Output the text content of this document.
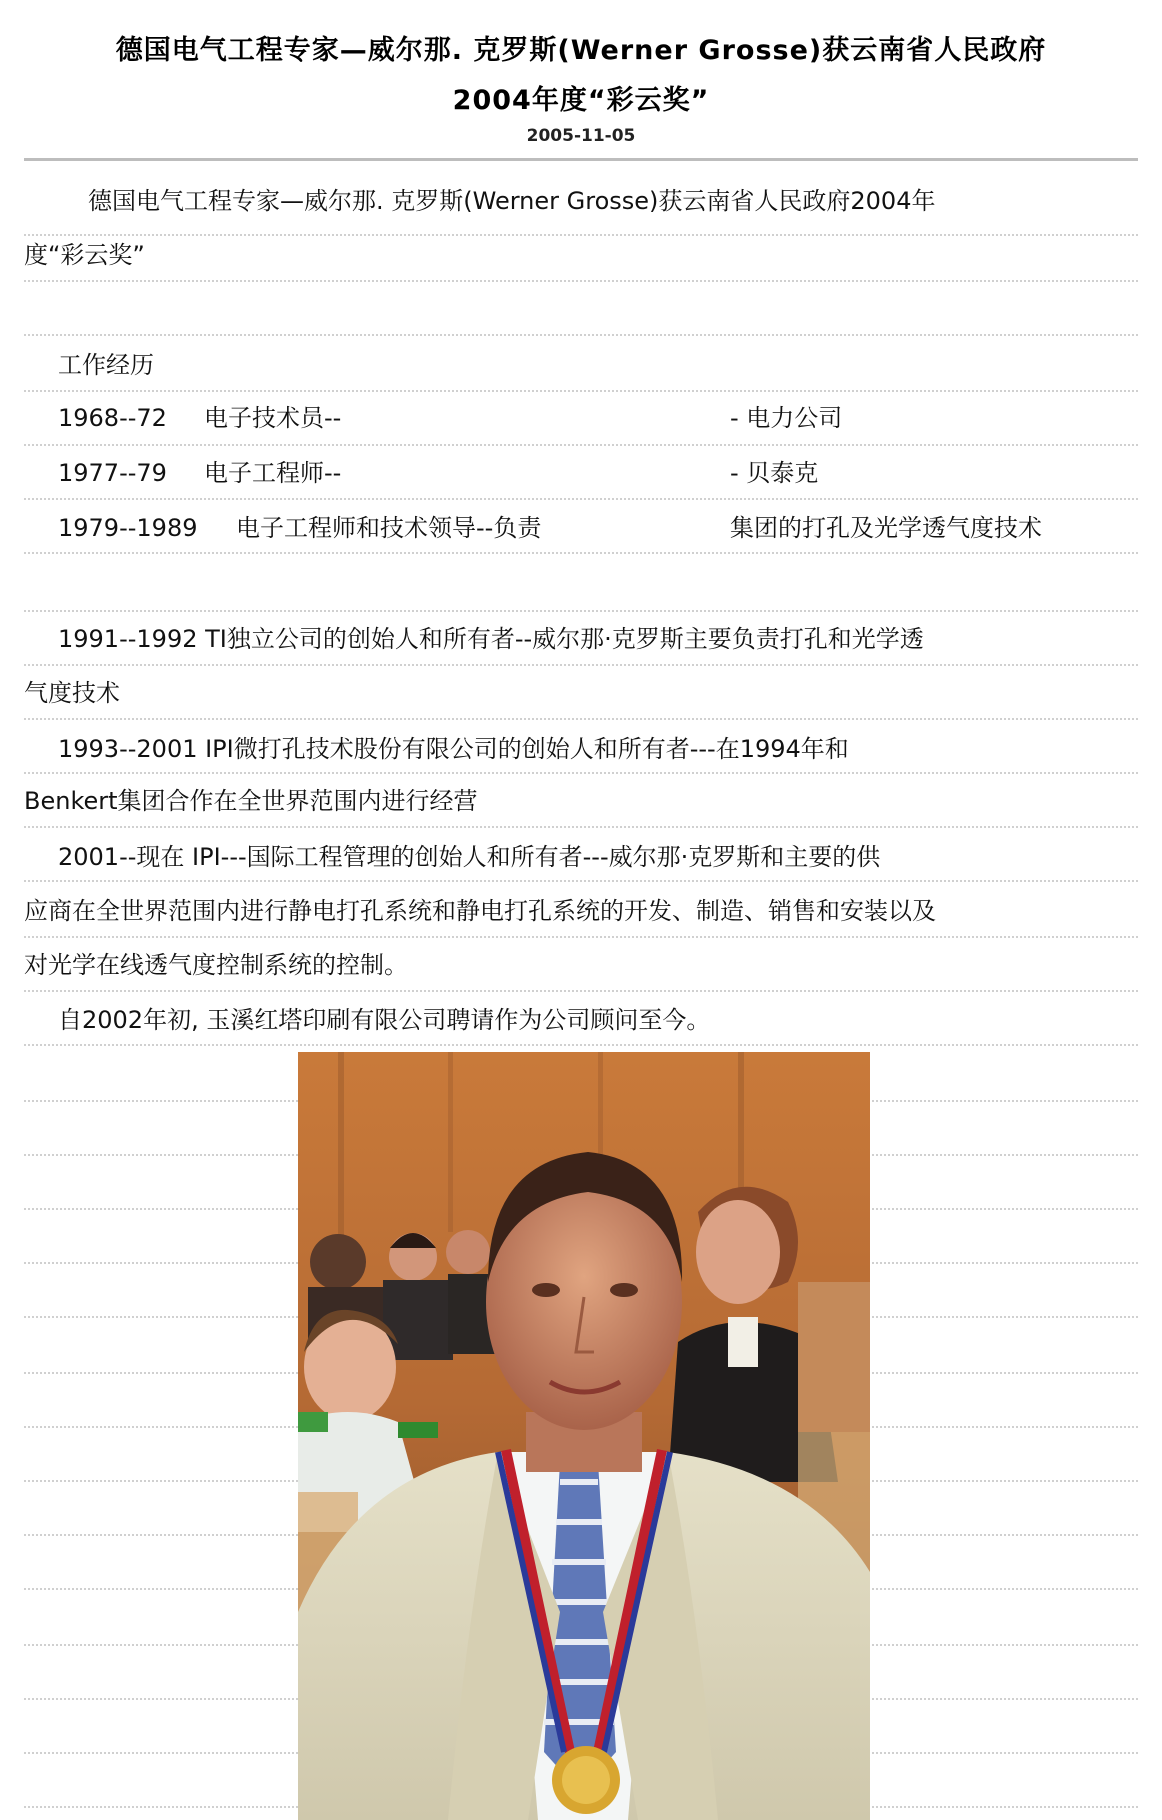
德国电气工程专家—威尔那. 克罗斯(Werner Grosse)获云南省人民政府
2004年度“彩云奖”
2005-11-05
德国电气工程专家—威尔那. 克罗斯(Werner Grosse)获云南省人民政府2004年
度“彩云奖”
工作经历
1968--72 电子技术员--	- 电力公司
1977--79 电子工程师--	- 贝泰克
1979--1989 电子工程师和技术领导--负责	集团的打孔及光学透气度技术
1991--1992 TI独立公司的创始人和所有者--威尔那·克罗斯主要负责打孔和光学透
气度技术
1993--2001 IPI微打孔技术股份有限公司的创始人和所有者---在1994年和
Benkert集团合作在全世界范围内进行经营
2001--现在 IPI---国际工程管理的创始人和所有者---威尔那·克罗斯和主要的供
应商在全世界范围内进行静电打孔系统和静电打孔系统的开发、制造、销售和安装以及
对光学在线透气度控制系统的控制。
自2002年初, 玉溪红塔印刷有限公司聘请作为公司顾问至今。
